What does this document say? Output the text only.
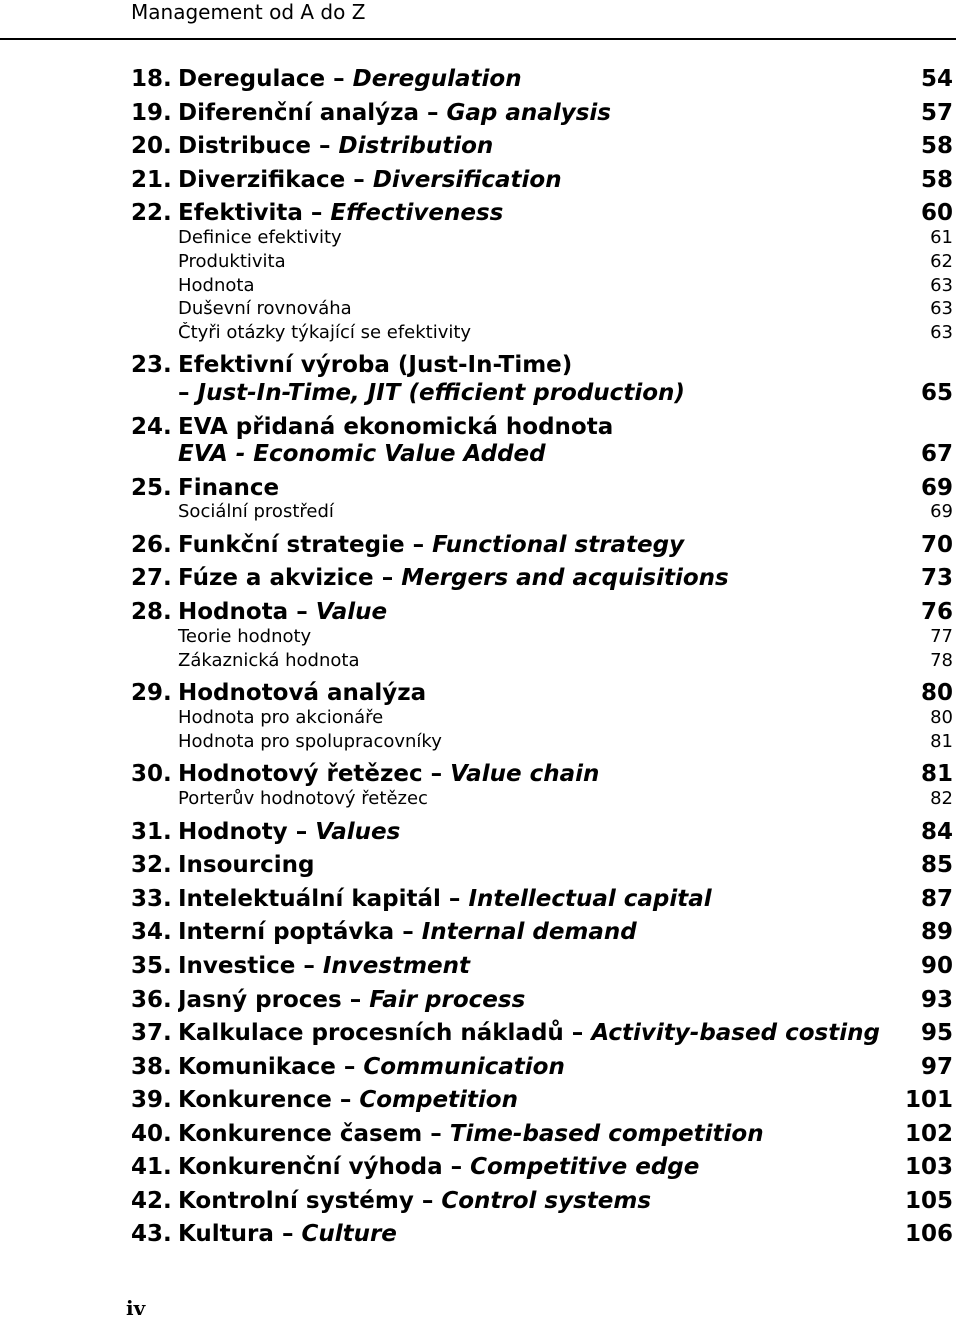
Management od A do Z
18. Deregulace – Deregulation	54
19. Diferenční analýza – Gap analysis	57
20. Distribuce – Distribution	58
21. Diverzifikace – Diversification	58
22. Efektivita – Effectiveness	60
Definice efektivity	61
Produktivita	62
Hodnota	63
Duševní rovnováha	63
Čtyři otázky týkající se efektivity	63
23. Efektivní výroba (Just-In-Time)
– Just-In-Time, JIT (efficient production)	65
24. EVA přidaná ekonomická hodnota
EVA - Economic Value Added	67
25. Finance	69
Sociální prostředí	69
26. Funkční strategie – Functional strategy	70
27. Fúze a akvizice – Mergers and acquisitions	73
28. Hodnota – Value	76
Teorie hodnoty	77
Zákaznická hodnota	78
29. Hodnotová analýza	80
Hodnota pro akcionáře	80
Hodnota pro spolupracovníky	81
30. Hodnotový řetězec – Value chain	81
Porterův hodnotový řetězec	82
31. Hodnoty – Values	84
32. Insourcing	85
33. Intelektuální kapitál – Intellectual capital	87
34. Interní poptávka – Internal demand	89
35. Investice – Investment	90
36. Jasný proces – Fair process	93
37. Kalkulace procesních nákladů – Activity-based costing	95
38. Komunikace – Communication	97
39. Konkurence – Competition	101
40. Konkurence časem – Time-based competition	102
41. Konkurenční výhoda – Competitive edge	103
42. Kontrolní systémy – Control systems	105
43. Kultura – Culture	106
iv
